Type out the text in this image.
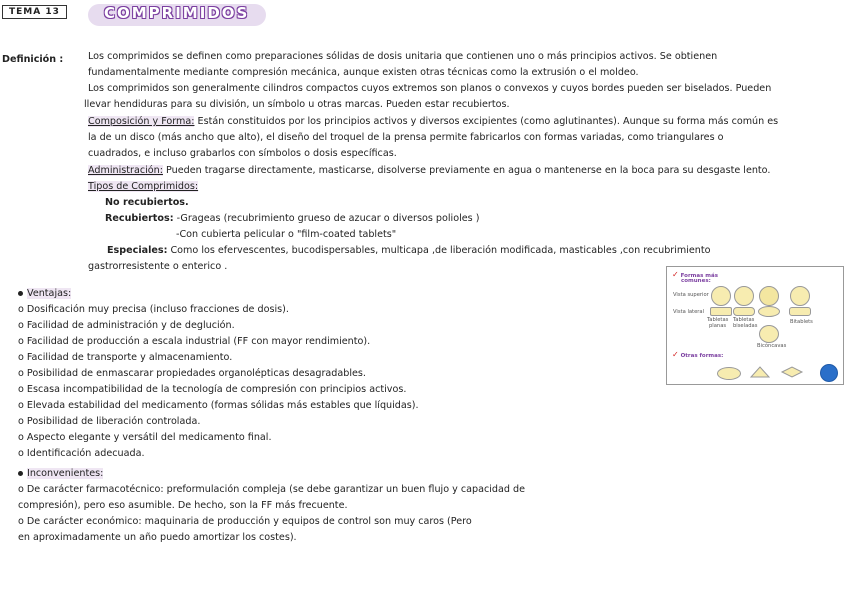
TEMA 13	COMPRIMIDOS
Definición :	Los comprimidos se definen como preparaciones sólidas de dosis unitaria que contienen uno o más principios activos. Se obtienen
fundamentalmente mediante compresión mecánica, aunque existen otras técnicas como la extrusión o el moldeo.
Los comprimidos son generalmente cilindros compactos cuyos extremos son planos o convexos y cuyos bordes pueden ser biselados. Pueden
llevar hendiduras para su división, un símbolo u otras marcas. Pueden estar recubiertos.
Composición y Forma: Están constituidos por los principios activos y diversos excipientes (como aglutinantes). Aunque su forma más común es
la de un disco (más ancho que alto), el diseño del troquel de la prensa permite fabricarlos con formas variadas, como triangulares o
cuadrados, e incluso grabarlos con símbolos o dosis específicas.
Administración: Pueden tragarse directamente, masticarse, disolverse previamente en agua o mantenerse en la boca para su desgaste lento.
Tipos de Comprimidos:
No recubiertos.
Recubiertos: -Grageas (recubrimiento grueso de azucar o diversos polioles )
-Con cubierta pelicular o "film-coated tablets"
Especiales: Como los efervescentes, bucodispersables, multicapa ,de liberación modificada, masticables ,con recubrimiento
gastrorresistente o enterico .
Ventajas:
o Dosificación muy precisa (incluso fracciones de dosis).
o Facilidad de administración y de deglución.
o Facilidad de producción a escala industrial (FF con mayor rendimiento).
o Facilidad de transporte y almacenamiento.
o Posibilidad de enmascarar propiedades organolépticas desagradables.
o Escasa incompatibilidad de la tecnología de compresión con principios activos.
o Elevada estabilidad del medicamento (formas sólidas más estables que líquidas).
o Posibilidad de liberación controlada.
o Aspecto elegante y versátil del medicamento final.
o Identificación adecuada.
Inconvenientes:
o De carácter farmacotécnico: preformulación compleja (se debe garantizar un buen flujo y capacidad de
compresión), pero eso asumible. De hecho, son la FF más frecuente.
o De carácter económico: maquinaria de producción y equipos de control son muy caros (Pero
en aproximadamente un año puedo amortizar los costes).
✓ Formas más
comunes:
Vista superior
Vista lateral
Tabletas
planas
Tabletas
biseladas
Bitablets
Bicóncavas
✓ Otras formas:
